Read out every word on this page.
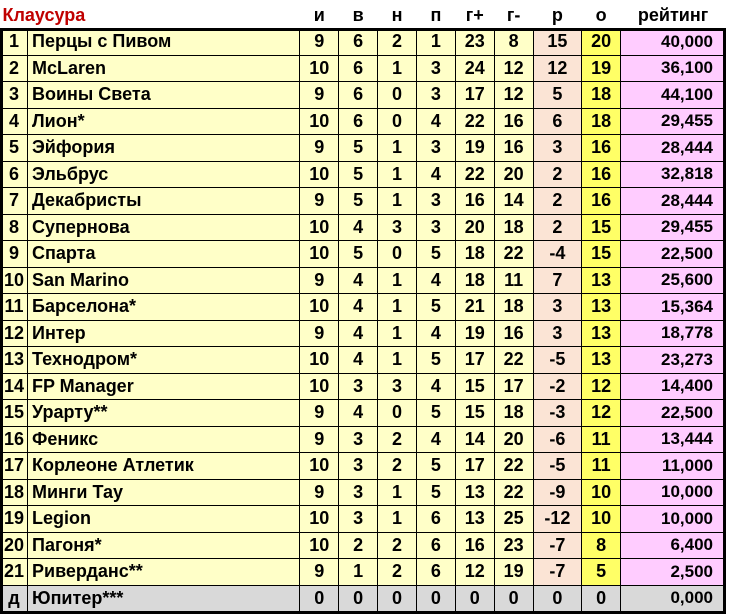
Клаусура		и	в	н	п	г+	г-	р	о	рейтинг
1	Перцы с Пивом	9	6	2	1	23	8	15	20	40,000
2	McLaren	10	6	1	3	24	12	12	19	36,100
3	Воины Света	9	6	0	3	17	12	5	18	44,100
4	Лион*	10	6	0	4	22	16	6	18	29,455
5	Эйфория	9	5	1	3	19	16	3	16	28,444
6	Эльбрус	10	5	1	4	22	20	2	16	32,818
7	Декабристы	9	5	1	3	16	14	2	16	28,444
8	Супернова	10	4	3	3	20	18	2	15	29,455
9	Спарта	10	5	0	5	18	22	-4	15	22,500
10	San Marino	9	4	1	4	18	11	7	13	25,600
11	Барселона*	10	4	1	5	21	18	3	13	15,364
12	Интер	9	4	1	4	19	16	3	13	18,778
13	Технодром*	10	4	1	5	17	22	-5	13	23,273
14	FP Manager	10	3	3	4	15	17	-2	12	14,400
15	Урарту**	9	4	0	5	15	18	-3	12	22,500
16	Феникс	9	3	2	4	14	20	-6	11	13,444
17	Корлеоне Атлетик	10	3	2	5	17	22	-5	11	11,000
18	Минги Тау	9	3	1	5	13	22	-9	10	10,000
19	Legion	10	3	1	6	13	25	-12	10	10,000
20	Пагоня*	10	2	2	6	16	23	-7	8	6,400
21	Риверданс**	9	1	2	6	12	19	-7	5	2,500
д	Юпитер***	0	0	0	0	0	0	0	0	0,000
